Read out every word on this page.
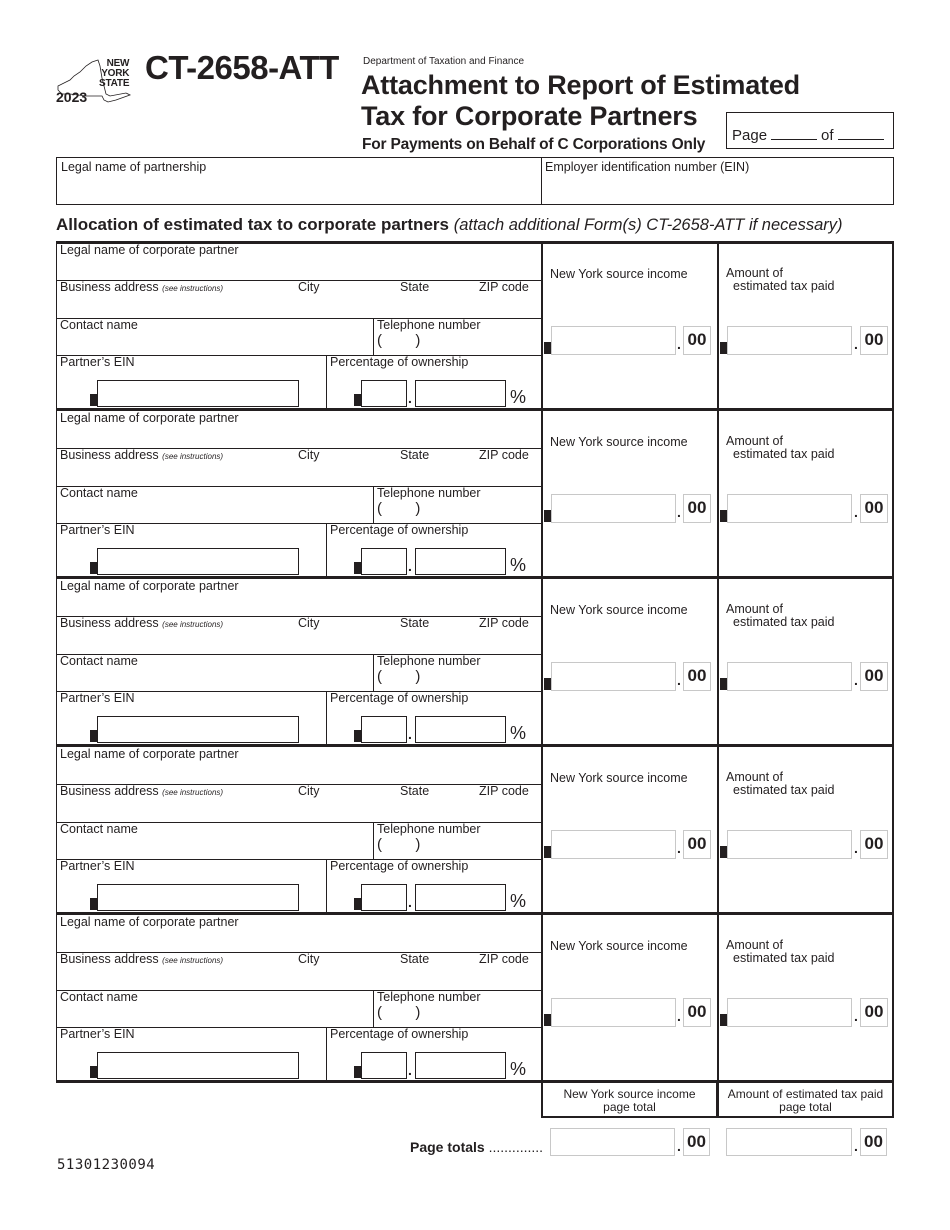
NEW
YORK
STATE
2023
CT-2658-ATT Department of Taxation and Finance
Attachment to Report of Estimated
Tax for Corporate Partners
For Payments on Behalf of C Corporations Only
Page	of
Legal name of partnership	Employer identification number (EIN)
Allocation of estimated tax to corporate partners (attach additional Form(s) CT-2658-ATT if necessary)
Legal name of corporate partner
Business address (see instructions)	City	State	ZIP code
Contact name	Telephone number
(        )
Partner’s EIN	Percentage of ownership
.	%
New York source income
. 00
Amount of
estimated tax paid
. 00
Legal name of corporate partner
Business address (see instructions)	City	State	ZIP code
Contact name	Telephone number
(        )
Partner’s EIN	Percentage of ownership
.	%
New York source income
. 00
Amount of
estimated tax paid
. 00
Legal name of corporate partner
Business address (see instructions)	City	State	ZIP code
Contact name	Telephone number
(        )
Partner’s EIN	Percentage of ownership
.	%
New York source income
. 00
Amount of
estimated tax paid
. 00
Legal name of corporate partner
Business address (see instructions)	City	State	ZIP code
Contact name	Telephone number
(        )
Partner’s EIN	Percentage of ownership
.	%
New York source income
. 00
Amount of
estimated tax paid
. 00
Legal name of corporate partner
Business address (see instructions)	City	State	ZIP code
Contact name	Telephone number
(        )
Partner’s EIN	Percentage of ownership
.	%
New York source income
. 00
Amount of
estimated tax paid
. 00
New York source income
page total
Amount of estimated tax paid
page total
Page totals ..............	. 00	. 00
51301230094
